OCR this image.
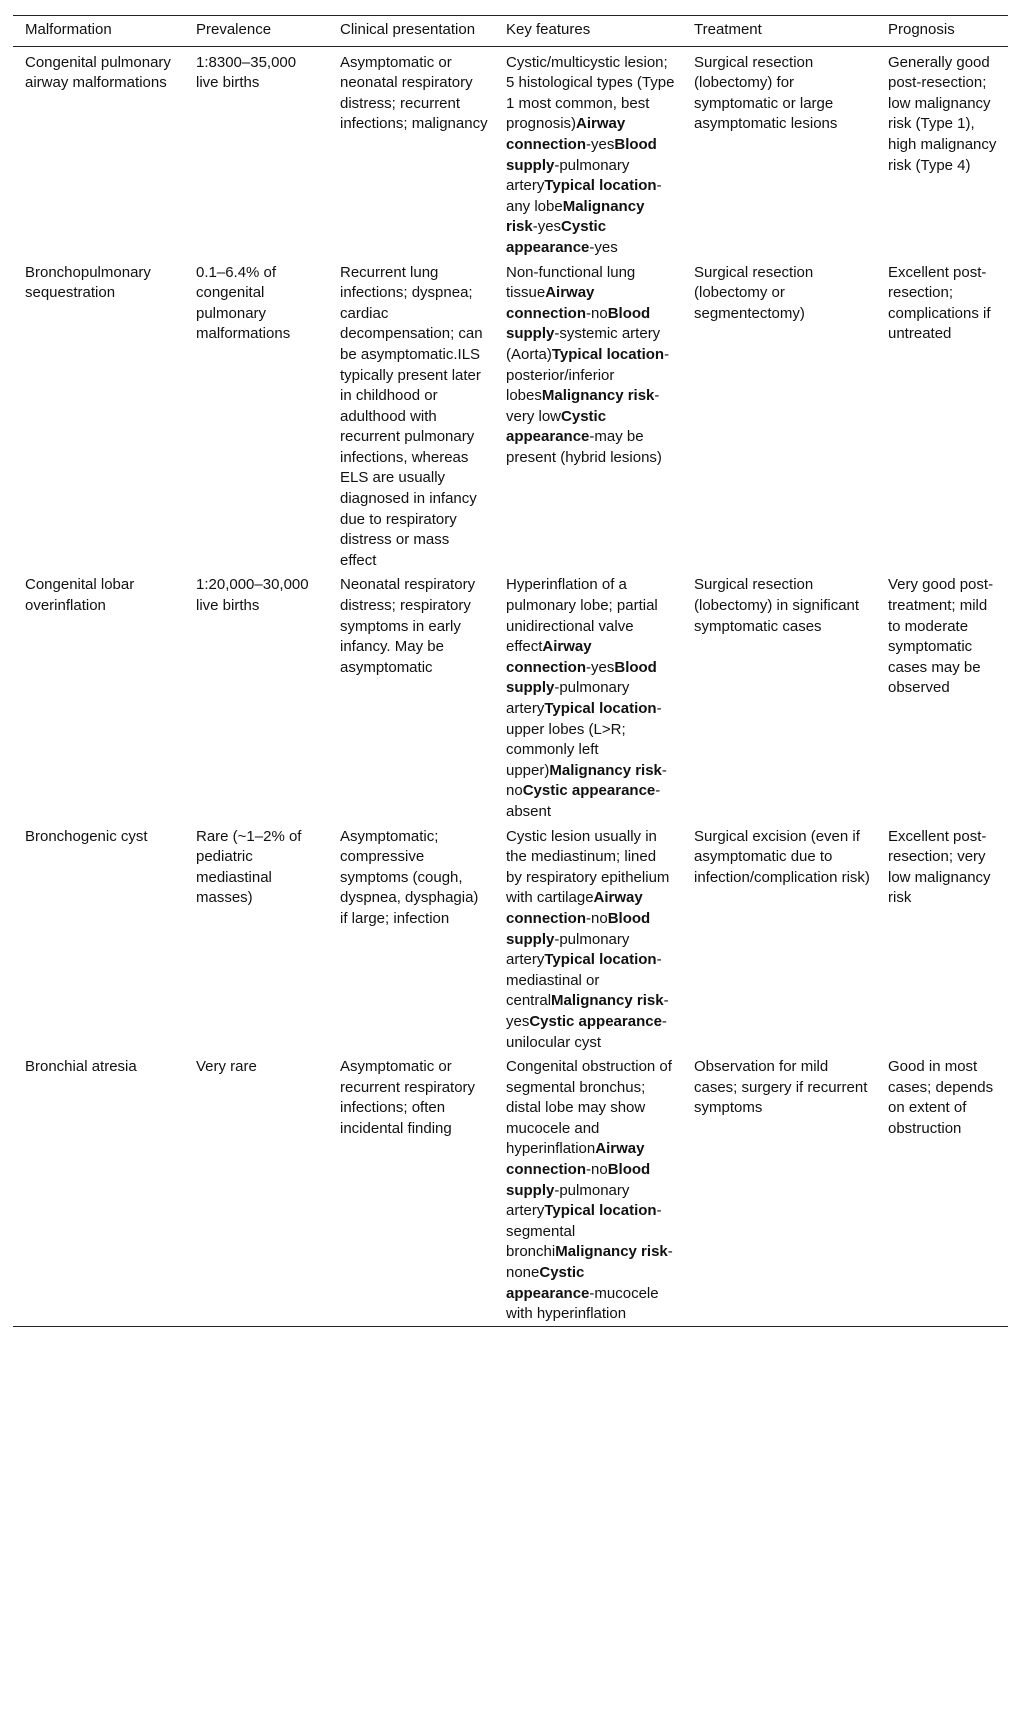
Malformation	Prevalence	Clinical presentation	Key features	Treatment	Prognosis
Congenital pulmonary airway malformations	1:8300–35,000 live births	Asymptomatic or neonatal respiratory distress; recurrent infections; malignancy	Cystic/multicystic lesion; 5 histological types (Type 1 most common, best prognosis)Airway connection-yesBlood supply-pulmonary arteryTypical location-any lobeMalignancy risk-yesCystic appearance-yes	Surgical resection (lobectomy) for symptomatic or large asymptomatic lesions	Generally good post-resection; low malignancy risk (Type 1), high malignancy risk (Type 4)
Bronchopulmonary sequestration	0.1–6.4% of congenital pulmonary malformations	Recurrent lung infections; dyspnea; cardiac decompensation; can be asymptomatic.ILS typically present later in childhood or adulthood with recurrent pulmonary infections, whereas ELS are usually diagnosed in infancy due to respiratory distress or mass effect	Non-functional lung tissueAirway connection-noBlood supply-systemic artery (Aorta)Typical location-posterior/inferior lobesMalignancy risk-very lowCystic appearance-may be present (hybrid lesions)	Surgical resection (lobectomy or segmentectomy)	Excellent post-resection; complications if untreated
Congenital lobar overinflation	1:20,000–30,000 live births	Neonatal respiratory distress; respiratory symptoms in early infancy. May be asymptomatic	Hyperinflation of a pulmonary lobe; partial unidirectional valve effectAirway connection-yesBlood supply-pulmonary arteryTypical location-upper lobes (L>R; commonly left upper)Malignancy risk-noCystic appearance-absent	Surgical resection (lobectomy) in significant symptomatic cases	Very good post-treatment; mild to moderate symptomatic cases may be observed
Bronchogenic cyst	Rare (~1–2% of pediatric mediastinal masses)	Asymptomatic; compressive symptoms (cough, dyspnea, dysphagia) if large; infection	Cystic lesion usually in the mediastinum; lined by respiratory epithelium with cartilageAirway connection-noBlood supply-pulmonary arteryTypical location-mediastinal or centralMalignancy risk-yesCystic appearance-unilocular cyst	Surgical excision (even if asymptomatic due to infection/complication risk)	Excellent post-resection; very low malignancy risk
Bronchial atresia	Very rare	Asymptomatic or recurrent respiratory infections; often incidental finding	Congenital obstruction of segmental bronchus; distal lobe may show mucocele and hyperinflationAirway connection-noBlood supply-pulmonary arteryTypical location-segmental bronchiMalignancy risk-noneCystic appearance-mucocele with hyperinflation	Observation for mild cases; surgery if recurrent symptoms	Good in most cases; depends on extent of obstruction
